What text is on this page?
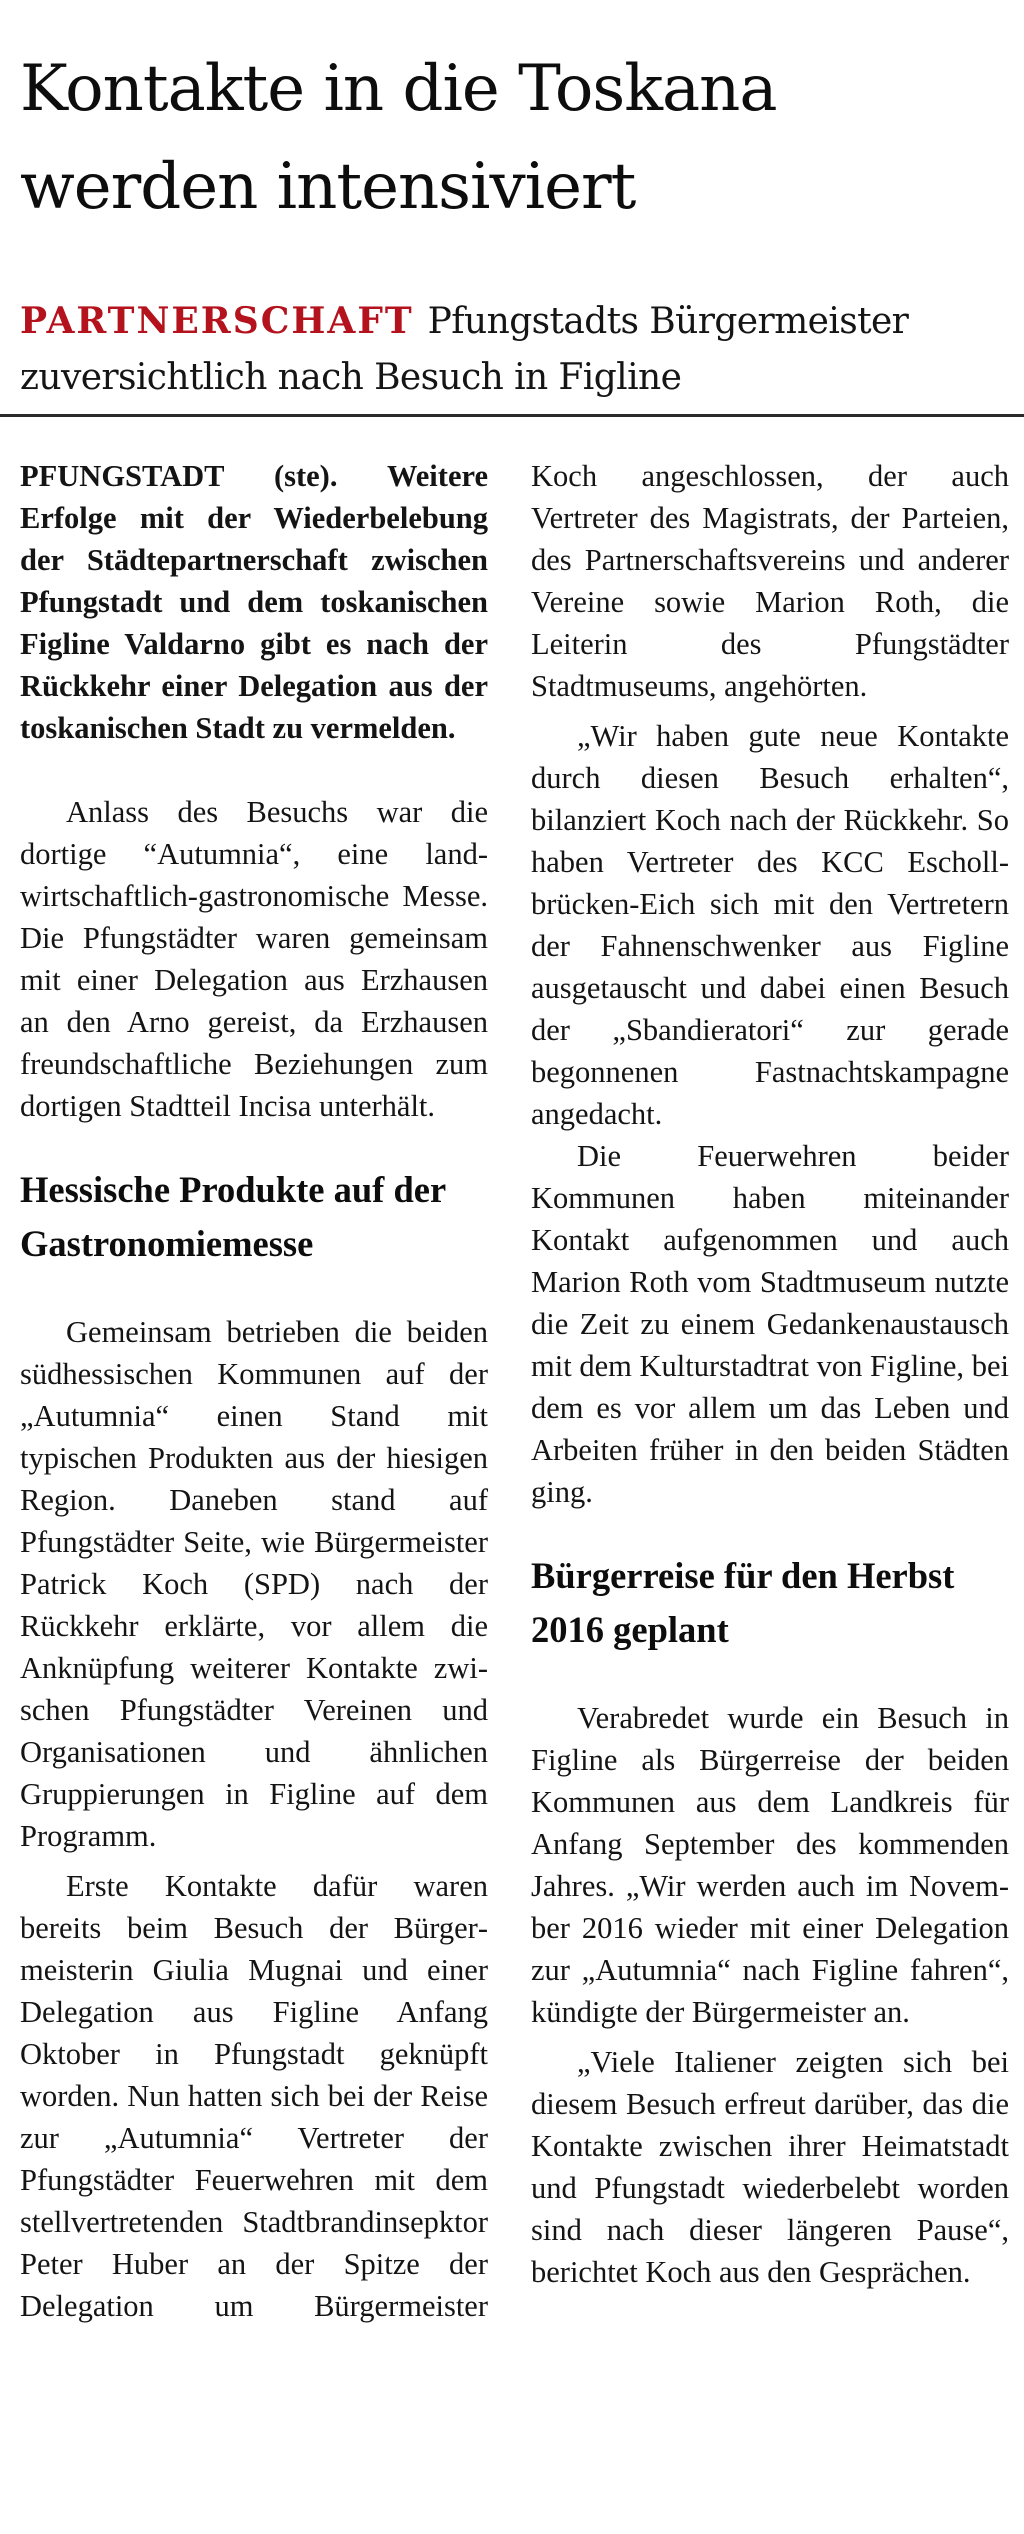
Kontakte in die Toskana
werden intensiviert
PARTNERSCHAFT Pfungstadts Bürgermeister
zuversichtlich nach Besuch in Figline

PFUNGSTADT (ste). Weitere Erfolge mit der Wiederbelebung der Städtepartnerschaft zwischen Pfungstadt und dem toskanischen Figline Valdarno gibt es nach der Rückkehr einer Delegation aus der toskanischen Stadt zu vermelden.

Anlass des Besuchs war die dortige “Autumnia“, eine landwirtschaftlich-gastronomische Messe. Die Pfungstädter waren gemeinsam mit einer Delegation aus Erzhausen an den Arno gereist, da Erzhausen freundschaftliche Beziehungen zum dortigen Stadtteil Incisa unterhält.

Hessische Produkte auf der Gastronomiemesse

Gemeinsam betrieben die beiden südhessischen Kommunen auf der „Autumnia“ einen Stand mit typischen Produkten aus der hiesigen Region. Daneben stand auf Pfungstädter Seite, wie Bürgermeister Patrick Koch (SPD) nach der Rückkehr erklärte, vor allem die Anknüpfung weiterer Kontakte zwischen Pfungstädter Vereinen und Organisationen und ähnlichen Gruppierungen in Figline auf dem Programm.

Erste Kontakte dafür waren bereits beim Besuch der Bürgermeisterin Giulia Mugnai und einer Delegation aus Figline Anfang Oktober in Pfungstadt geknüpft worden. Nun hatten sich bei der Reise zur „Autumnia“ Vertreter der Pfungstädter Feuerwehren mit dem stellvertretenden Stadtbrandinsepktor Peter Huber an der Spitze der Delegation um Bürgermeister

Koch angeschlossen, der auch Vertreter des Magistrats, der Parteien, des Partnerschaftsvereins und anderer Vereine sowie Marion Roth, die Leiterin des Pfungstädter Stadtmuseums, angehörten.

„Wir haben gute neue Kontakte durch diesen Besuch erhalten“, bilanziert Koch nach der Rückkehr. So haben Vertreter des KCC Eschollbrücken-Eich sich mit den Vertretern der Fahnenschwenker aus Figline ausgetauscht und dabei einen Besuch der „Sbandieratori“ zur gerade begonnenen Fastnachtskampagne angedacht.

Die Feuerwehren beider Kommunen haben miteinander Kontakt aufgenommen und auch Marion Roth vom Stadtmuseum nutzte die Zeit zu einem Gedankenaustausch mit dem Kulturstadtrat von Figline, bei dem es vor allem um das Leben und Arbeiten früher in den beiden Städten ging.

Bürgerreise für den Herbst 2016 geplant

Verabredet wurde ein Besuch in Figline als Bürgerreise der beiden Kommunen aus dem Landkreis für Anfang September des kommenden Jahres. „Wir werden auch im November 2016 wieder mit einer Delegation zur „Autumnia“ nach Figline fahren“, kündigte der Bürgermeister an.

„Viele Italiener zeigten sich bei diesem Besuch erfreut darüber, das die Kontakte zwischen ihrer Heimatstadt und Pfungstadt wiederbelebt worden sind nach dieser längeren Pause“, berichtet Koch aus den Gesprächen.
